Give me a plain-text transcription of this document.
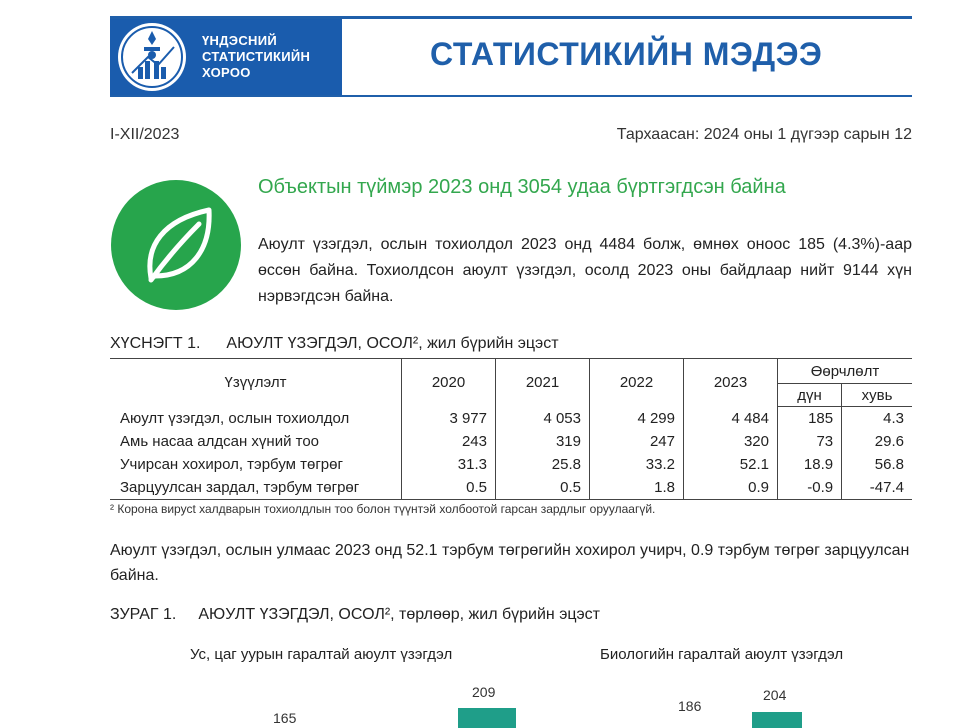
ҮНДЭСНИЙ
СТАТИСТИКИЙН
ХОРОО
СТАТИСТИКИЙН МЭДЭЭ
I-XII/2023	Тархаасан: 2024 оны 1 дүгээр сарын 12
Объектын түймэр 2023 онд 3054 удаа бүртгэгдсэн байна
Аюулт үзэгдэл, ослын тохиолдол 2023 онд 4484 болж, өмнөх оноос 185 (4.3%)-аар өссөн байна. Тохиолдсон аюулт үзэгдэл, осолд 2023 оны байдлаар нийт 9144 хүн нэрвэгдсэн байна.
ХҮСНЭГТ 1. АЮУЛТ ҮЗЭГДЭЛ, ОСОЛ², жил бүрийн эцэст
Үзүүлэлт	2020	2021	2022	2023	Өөрчлөлт	
					дүн	хувь
Аюулт үзэгдэл, ослын тохиолдол	3 977	4 053	4 299	4 484	185	4.3
Амь насаа алдсан хүний тоо	243	319	247	320	73	29.6
Учирсан хохирол, тэрбум төгрөг	31.3	25.8	33.2	52.1	18.9	56.8
Зарцуулсан зардал, тэрбум төгрөг	0.5	0.5	1.8	0.9	-0.9	-47.4
² Корона вирусt халдварын тохиолдлын тоо болон түүнтэй холбоотой гарсан зардлыг оруулаагүй.
Аюулт үзэгдэл, ослын улмаас 2023 онд 52.1 тэрбум төгрөгийн хохирол учирч, 0.9 тэрбум төгрөг зарцуулсан байна.
ЗУРАГ 1. АЮУЛТ ҮЗЭГДЭЛ, ОСОЛ², төрлөөр, жил бүрийн эцэст
Ус, цаг уурын гаралтай аюулт үзэгдэл	Биологийн гаралтай аюулт үзэгдэл
165
209
186
204
